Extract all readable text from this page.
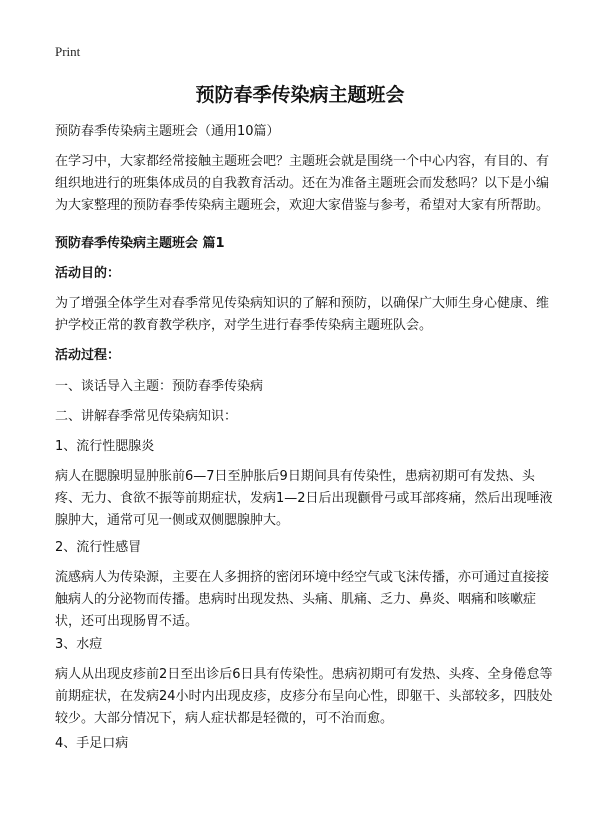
Print
预防春季传染病主题班会

预防春季传染病主题班会（通用10篇）

在学习中，大家都经常接触主题班会吧？主题班会就是围绕一个中心内容，有目的、有组织地进行的班集体成员的自我教育活动。还在为准备主题班会而发愁吗？以下是小编为大家整理的预防春季传染病主题班会，欢迎大家借鉴与参考，希望对大家有所帮助。

预防春季传染病主题班会 篇1

活动目的：

为了增强全体学生对春季常见传染病知识的了解和预防，以确保广大师生身心健康、维护学校正常的教育教学秩序，对学生进行春季传染病主题班队会。

活动过程：

一、谈话导入主题：预防春季传染病

二、讲解春季常见传染病知识：

1、流行性腮腺炎

病人在腮腺明显肿胀前6—7日至肿胀后9日期间具有传染性，患病初期可有发热、头疼、无力、食欲不振等前期症状，发病1—2日后出现颧骨弓或耳部疼痛，然后出现唾液腺肿大，通常可见一侧或双侧腮腺肿大。

2、流行性感冒

流感病人为传染源，主要在人多拥挤的密闭环境中经空气或飞沫传播，亦可通过直接接触病人的分泌物而传播。患病时出现发热、头痛、肌痛、乏力、鼻炎、咽痛和咳嗽症状，还可出现肠胃不适。

3、水痘

病人从出现皮疹前2日至出诊后6日具有传染性。患病初期可有发热、头疼、全身倦怠等前期症状，在发病24小时内出现皮疹，皮疹分布呈向心性，即躯干、头部较多，四肢处较少。大部分情况下，病人症状都是轻微的，可不治而愈。

4、手足口病
